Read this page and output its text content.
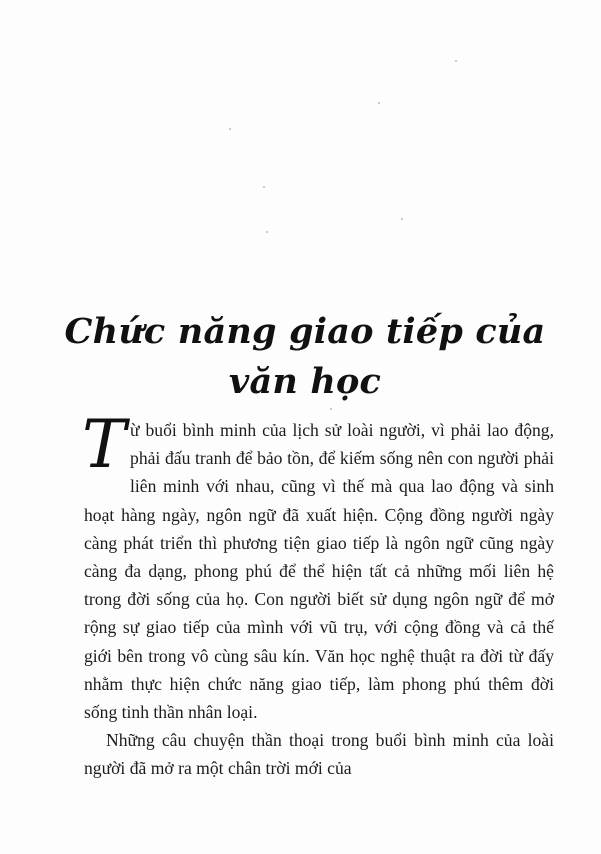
Chức năng giao tiếp của
văn học

Từ buổi bình minh của lịch sử loài người, vì phải lao động, phải đấu tranh để bảo tồn, để kiếm sống nên con người phải liên minh với nhau, cũng vì thế mà qua lao động và sinh hoạt hàng ngày, ngôn ngữ đã xuất hiện. Cộng đồng người ngày càng phát triển thì phương tiện giao tiếp là ngôn ngữ cũng ngày càng đa dạng, phong phú để thể hiện tất cả những mối liên hệ trong đời sống của họ. Con người biết sử dụng ngôn ngữ để mở rộng sự giao tiếp của mình với vũ trụ, với cộng đồng và cả thế giới bên trong vô cùng sâu kín. Văn học nghệ thuật ra đời từ đấy nhằm thực hiện chức năng giao tiếp, làm phong phú thêm đời sống tinh thần nhân loại.

Những câu chuyện thần thoại trong buổi bình minh của loài người đã mở ra một chân trời mới của
